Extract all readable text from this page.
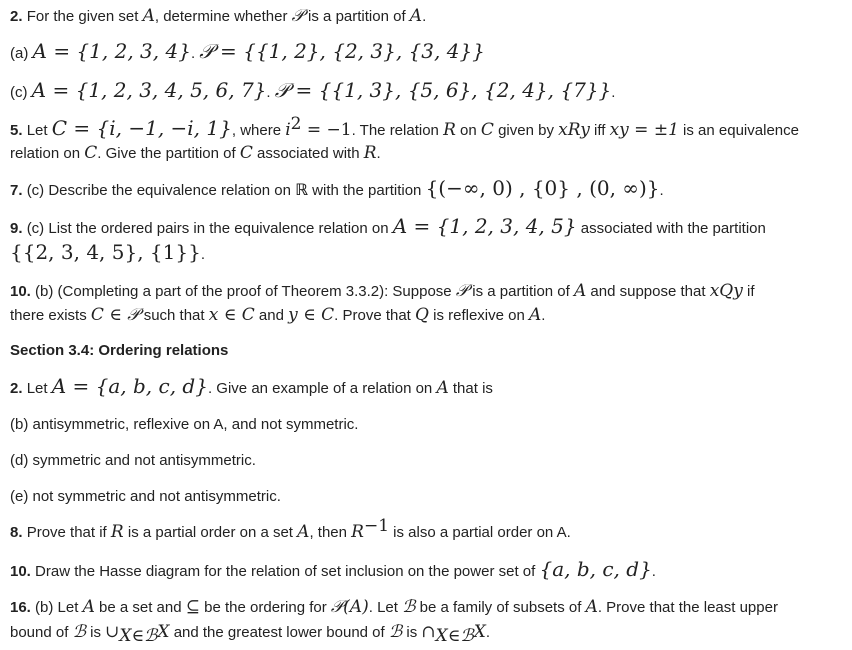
2. For the given set A, determine whether 𝒫 is a partition of A.
(a) A = {1, 2, 3, 4}. 𝒫 = {{1, 2}, {2, 3}, {3, 4}}
(c) A = {1, 2, 3, 4, 5, 6, 7}. 𝒫 = {{1, 3}, {5, 6}, {2, 4}, {7}}.
5. Let C = {i, −1, −i, 1}, where $i^2 = -1$. The relation R on C given by xRy iff xy = ±1 is an equivalence
relation on C. Give the partition of C associated with R.
7. (c) Describe the equivalence relation on ℝ with the partition {(−∞, 0) , {0} , (0, ∞)}.
9. (c) List the ordered pairs in the equivalence relation on A = {1, 2, 3, 4, 5} associated with the partition
{{2, 3, 4, 5}, {1}}.
10. (b) (Completing a part of the proof of Theorem 3.3.2): Suppose 𝒫 is a partition of A and suppose that xQy if
there exists C ∈ 𝒫 such that x ∈ C and y ∈ C. Prove that Q is reflexive on A.
Section 3.4: Ordering relations
2. Let A = {a, b, c, d}. Give an example of a relation on A that is
(b) antisymmetric, reflexive on A, and not symmetric.
(d) symmetric and not antisymmetric.
(e) not symmetric and not antisymmetric.
8. Prove that if R is a partial order on a set A, then $R^{-1}$ is also a partial order on A.
10. Draw the Hasse diagram for the relation of set inclusion on the power set of {a, b, c, d}.
16. (b) Let A be a set and ⊆ be the ordering for 𝒫(A). Let ℬ be a family of subsets of A. Prove that the least upper
bound of ℬ is $\cup_{X\in ℬ}X$ and the greatest lower bound of ℬ is $\cap_{X\in ℬ}X$.
